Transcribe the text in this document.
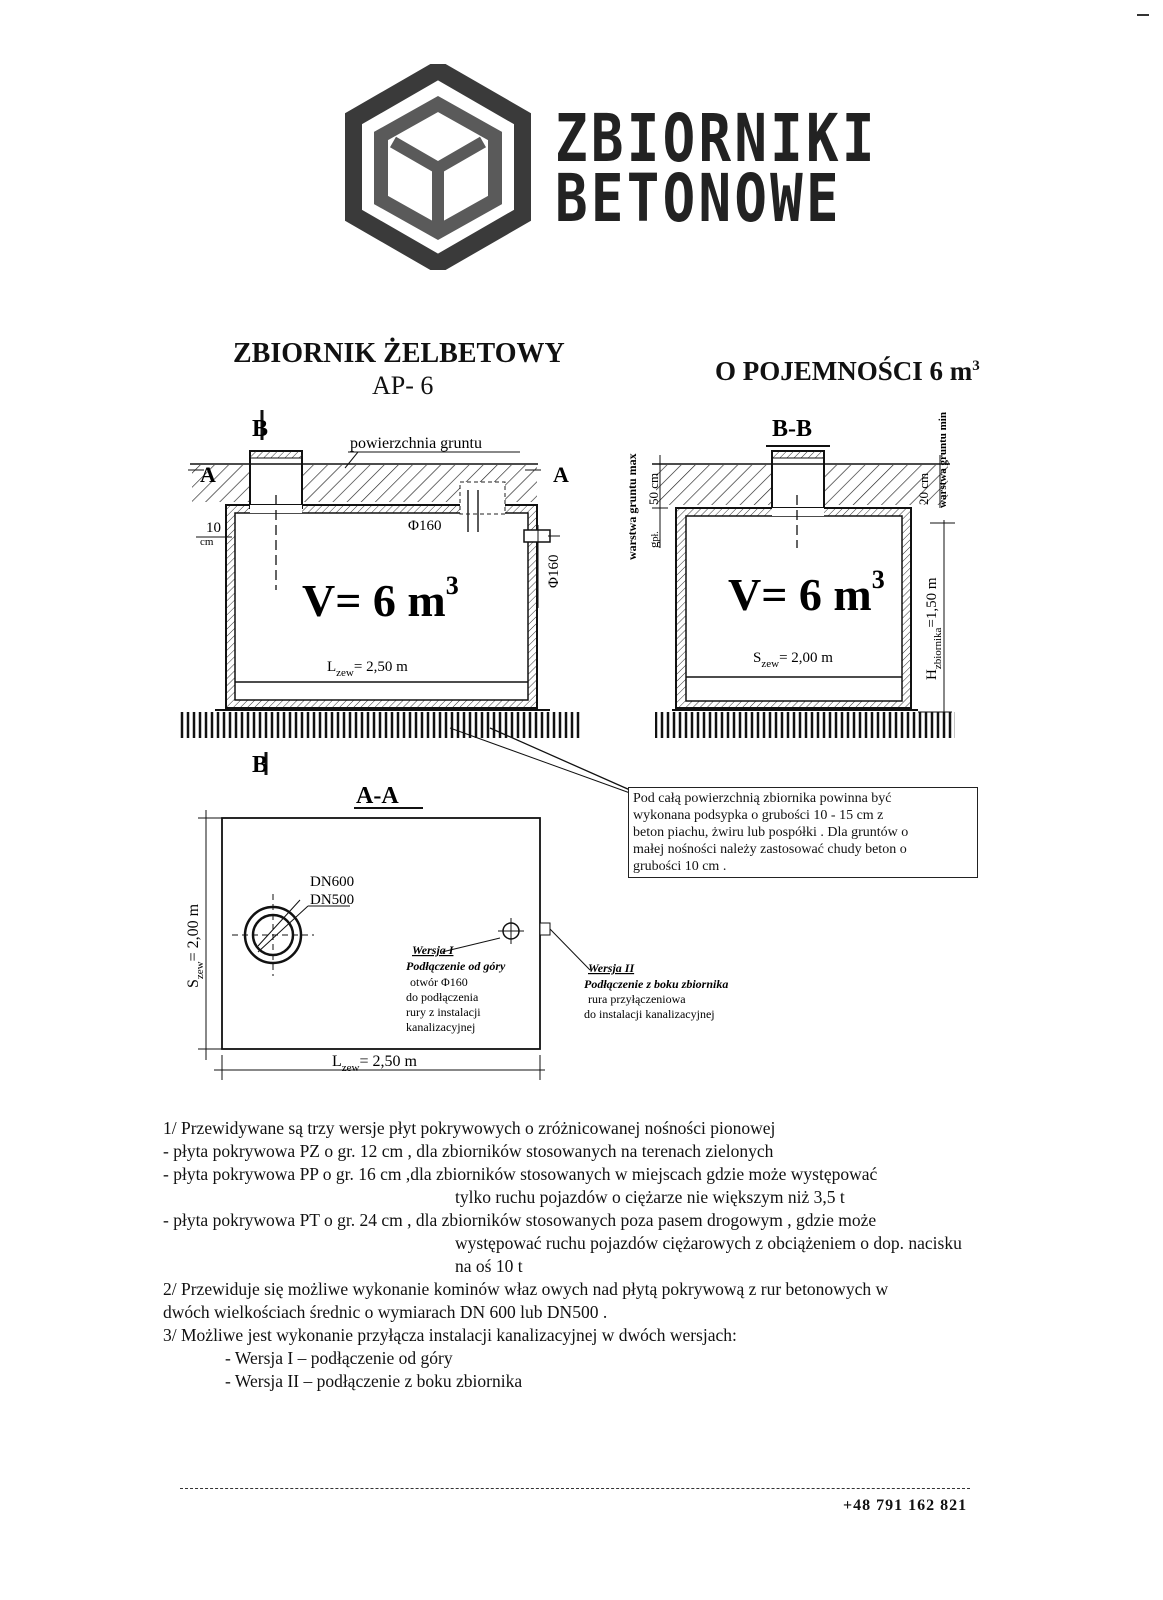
ZBIORNIKI
BETONOWE
ZBIORNIK ŻELBETOWY
AP- 6	O POJEMNOŚCI 6 $m^3$
B
B
A	A
powierzchnia gruntu
Φ160
Φ160
10
cm
V= 6 $m^3$
$L_{zew}= 2,50$ m
B-B
warstwa gruntu max 50 cm
gpł.
20 cm warstwa gruntu min
V= 6 $m^3$
$S_{zew}= 2,00$ m
$H_{zbiornika}=1,50$ m
A-A
DN600
DN500
$S_{zew}= 2,00$ m
$L_{zew}= 2,50$ m
Wersja I
Podłączenie od góry
otwór Φ160
do podłączenia
rury z instalacji
kanalizacyjnej
Wersja II
Podłączenie z boku zbiornika
rura przyłączeniowa
do instalacji kanalizacyjnej
Pod całą powierzchnią zbiornika powinna być
wykonana podsypka o grubości 10 - 15 cm z
beton piachu, żwiru lub pospółki . Dla gruntów o
małej nośności należy zastosować chudy beton o
grubości 10 cm .
1/ Przewidywane są trzy wersje płyt pokrywowych o zróżnicowanej nośności pionowej
- płyta pokrywowa PZ o gr. 12 cm , dla zbiorników stosowanych na terenach zielonych
- płyta pokrywowa PP o gr. 16 cm ,dla zbiorników stosowanych w miejscach gdzie może występować
tylko ruchu pojazdów o ciężarze nie większym niż 3,5 t
- płyta pokrywowa PT o gr. 24 cm , dla zbiorników stosowanych poza pasem drogowym , gdzie może
występować ruchu pojazdów ciężarowych z obciążeniem o dop. nacisku
na oś 10 t
2/ Przewiduje się możliwe wykonanie kominów właz owych nad płytą pokrywową z rur betonowych w
dwóch wielkościach średnic o wymiarach DN 600 lub DN500 .
3/ Możliwe jest wykonanie przyłącza instalacji kanalizacyjnej w dwóch wersjach:
- Wersja I – podłączenie od góry
- Wersja II – podłączenie z boku zbiornika
+48 791 162 821
